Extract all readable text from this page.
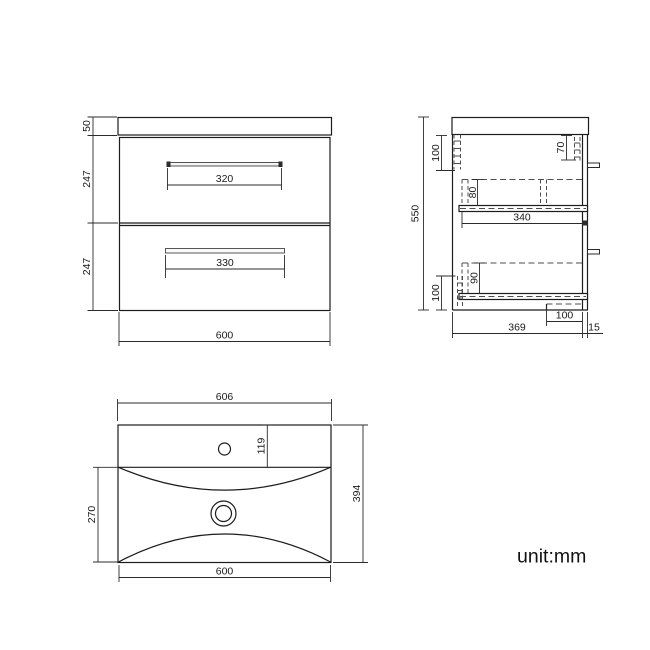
320
330
50
247
247
600
80
340
90
550
100
100
70
100
369	15
606
119
270
394
600
unit:mm
